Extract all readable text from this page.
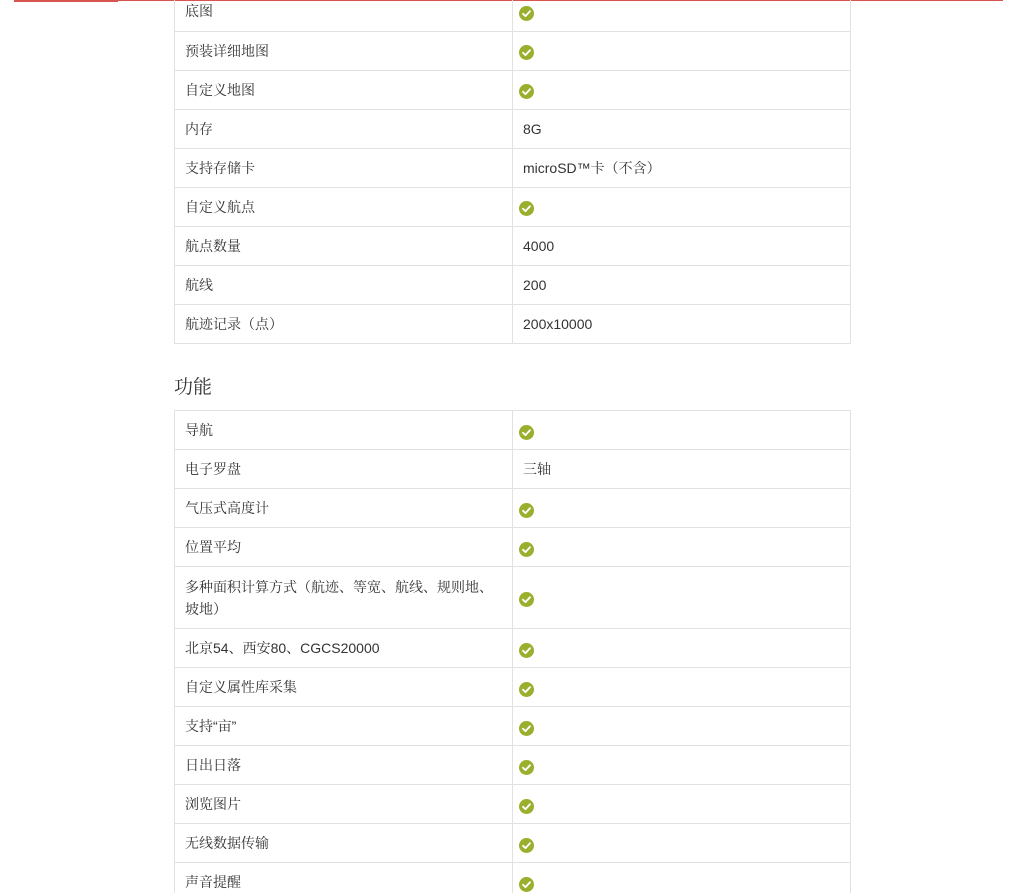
底图	
预装详细地图	
自定义地图	
内存	8G
支持存储卡	microSD™卡（不含）
自定义航点	
航点数量	4000
航线	200
航迹记录（点）	200x10000
功能
导航	
电子罗盘	三轴
气压式高度计	
位置平均	
多种面积计算方式（航迹、等宽、航线、规则地、坡地）	
北京54、西安80、CGCS20000	
自定义属性库采集	
支持“亩”	
日出日落	
浏览图片	
无线数据传输	
声音提醒	
